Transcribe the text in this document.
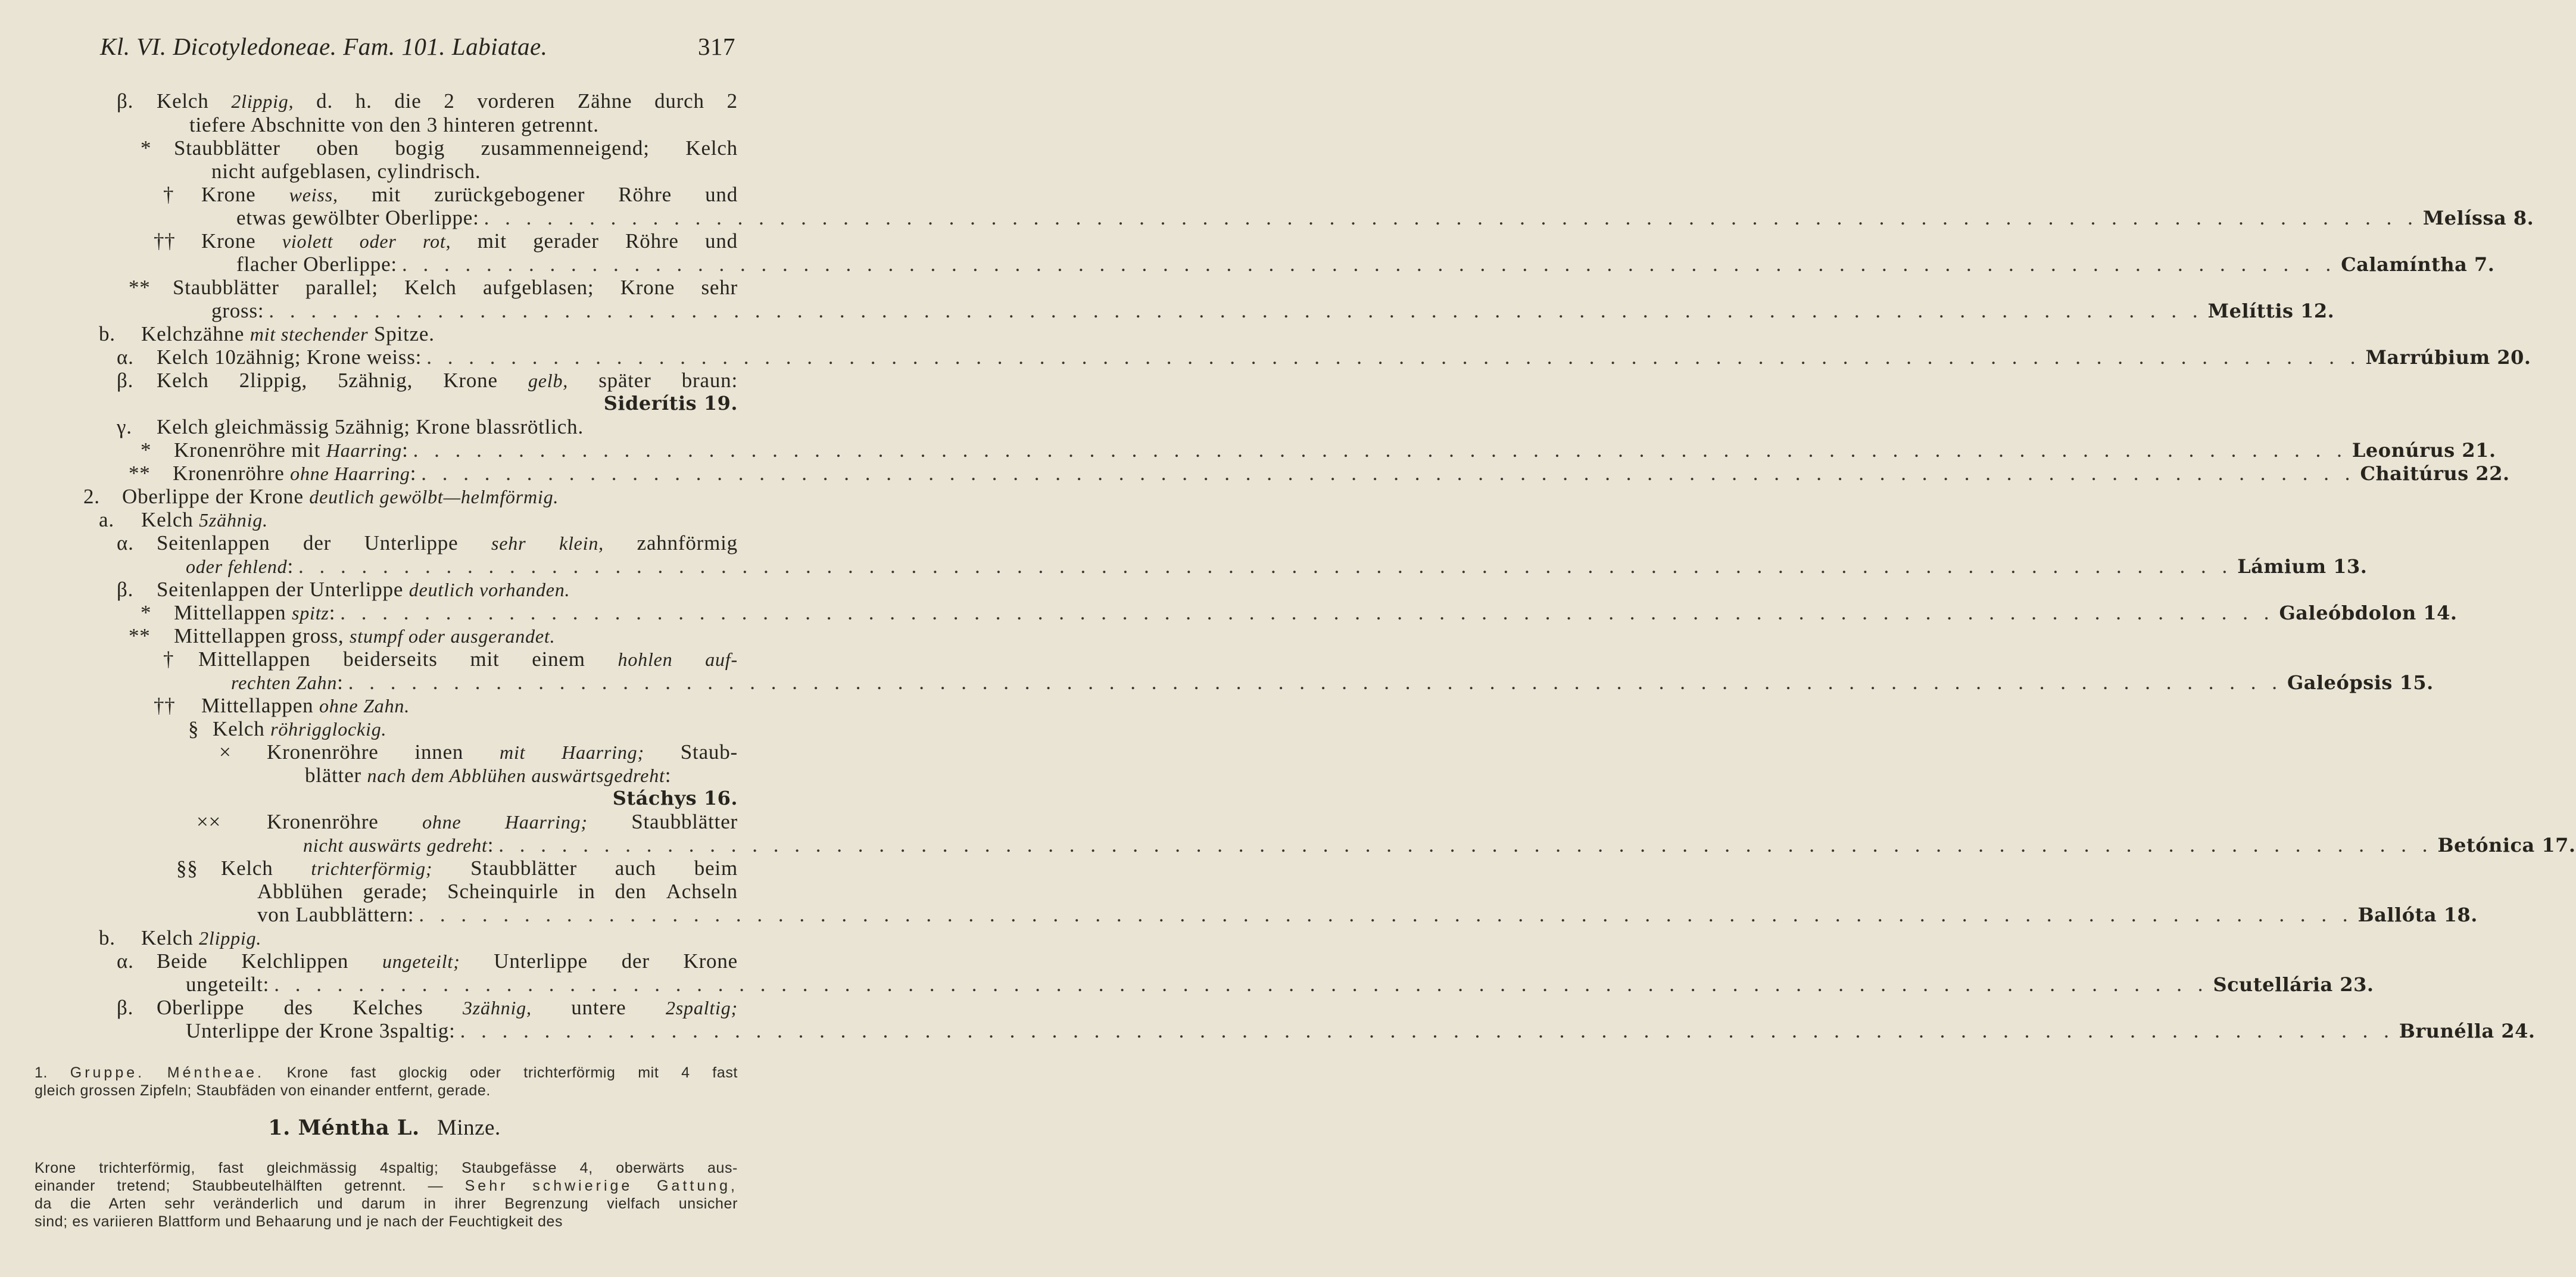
Kl. VI. Dicotyledoneae. Fam. 101. Labiatae.	317
β.	Kelch 2lippig, d. h. die 2 vorderen Zähne durch 2
tiefere Abschnitte von den 3 hinteren getrennt.
*	Staubblätter oben bogig zusammenneigend; Kelch
nicht aufgeblasen, cylindrisch.
†	Krone weiss, mit zurückgebogener Röhre und
etwas gewölbter Oberlippe: . . .	Melíssa 8.
††	Krone violett oder rot, mit gerader Röhre und
flacher Oberlippe: . . .	Calamíntha 7.
**	Staubblätter parallel; Kelch aufgeblasen; Krone sehr
gross: . . .	Melíttis 12.
b.	Kelchzähne mit stechender Spitze.
α.	Kelch 10zähnig; Krone weiss: . . .	Marrúbium 20.
β.	Kelch 2lippig, 5zähnig, Krone gelb, später braun:
Siderítis 19.
γ.	Kelch gleichmässig 5zähnig; Krone blassrötlich.
*	Kronenröhre mit Haarring : . . .	Leonúrus 21.
**	Kronenröhre ohne Haarring : . . .	Chaitúrus 22.
2.	Oberlippe der Krone deutlich gewölbt—helmförmig.
a.	Kelch 5zähnig.
α.	Seitenlappen der Unterlippe sehr klein, zahnförmig
oder fehlend : . . .	Lámium 13.
β.	Seitenlappen der Unterlippe deutlich vorhanden.
*	Mittellappen spitz : . . .	Galeóbdolon 14.
**	Mittellappen gross, stumpf oder ausgerandet.
†	Mittellappen beiderseits mit einem hohlen auf-
rechten Zahn : . . .	Galeópsis 15.
††	Mittellappen ohne Zahn.
§ Kelch röhrigglockig.
×	Kronenröhre innen mit Haarring; Staub-
blätter nach dem Abblühen auswärtsgedreht :
Stáchys 16.
××	Kronenröhre ohne Haarring; Staubblätter
nicht auswärts gedreht : . . .	Betónica 17.
§§	Kelch trichterförmig; Staubblätter auch beim
Abblühen gerade; Scheinquirle in den Achseln
von Laubblättern: . . .	Ballóta 18.
b.	Kelch 2lippig.
α.	Beide Kelchlippen ungeteilt; Unterlippe der Krone
ungeteilt: . . .	Scutellária 23.
β.	Oberlippe des Kelches 3zähnig, untere 2spaltig;
Unterlippe der Krone 3spaltig: . . .	Brunélla 24.
1. Gruppe. Méntheae. Krone fast glockig oder trichterförmig mit 4 fast
gleich grossen Zipfeln; Staubfäden von einander entfernt, gerade.
1. Méntha L. Minze.
Krone trichterförmig, fast gleichmässig 4spaltig; Staubgefässe 4, oberwärts aus-
einander tretend; Staubbeutelhälften getrennt. — Sehr schwierige Gattung,
da die Arten sehr veränderlich und darum in ihrer Begrenzung vielfach unsicher
sind; es variieren Blattform und Behaarung und je nach der Feuchtigkeit des
